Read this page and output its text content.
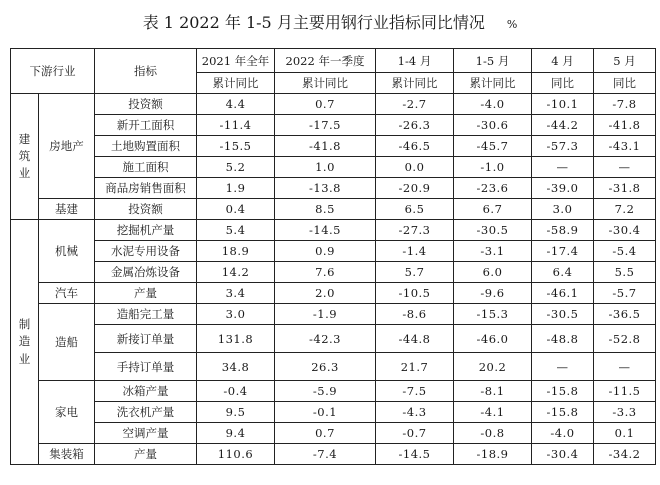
表 1 2022 年 1-5 月主要用钢行业指标同比情况 %
下游行业		指标	2021 年全年	2022 年一季度	1-4 月	1-5 月	4 月	5 月
			累计同比	累计同比	累计同比	累计同比	同比	同比

建
筑
业	房地产	投资额	4.4	0.7	-2.7	-4.0	-10.1	-7.8
		新开工面积	-11.4	-17.5	-26.3	-30.6	-44.2	-41.8
		土地购置面积	-15.5	-41.8	-46.5	-45.7	-57.3	-43.1
		施工面积	5.2	1.0	0.0	-1.0	—	—
		商品房销售面积	1.9	-13.8	-20.9	-23.6	-39.0	-31.8
	基建	投资额	0.4	8.5	6.5	6.7	3.0	7.2

制
造
业	机械	挖掘机产量	5.4	-14.5	-27.3	-30.5	-58.9	-30.4
		水泥专用设备	18.9	0.9	-1.4	-3.1	-17.4	-5.4
		金属冶炼设备	14.2	7.6	5.7	6.0	6.4	5.5
	汽车	产量	3.4	2.0	-10.5	-9.6	-46.1	-5.7
	造船	造船完工量	3.0	-1.9	-8.6	-15.3	-30.5	-36.5
		新接订单量	131.8	-42.3	-44.8	-46.0	-48.8	-52.8
		手持订单量	34.8	26.3	21.7	20.2	—	—
	家电	冰箱产量	-0.4	-5.9	-7.5	-8.1	-15.8	-11.5
		洗衣机产量	9.5	-0.1	-4.3	-4.1	-15.8	-3.3
		空调产量	9.4	0.7	-0.7	-0.8	-4.0	0.1
	集装箱	产量	110.6	-7.4	-14.5	-18.9	-30.4	-34.2
